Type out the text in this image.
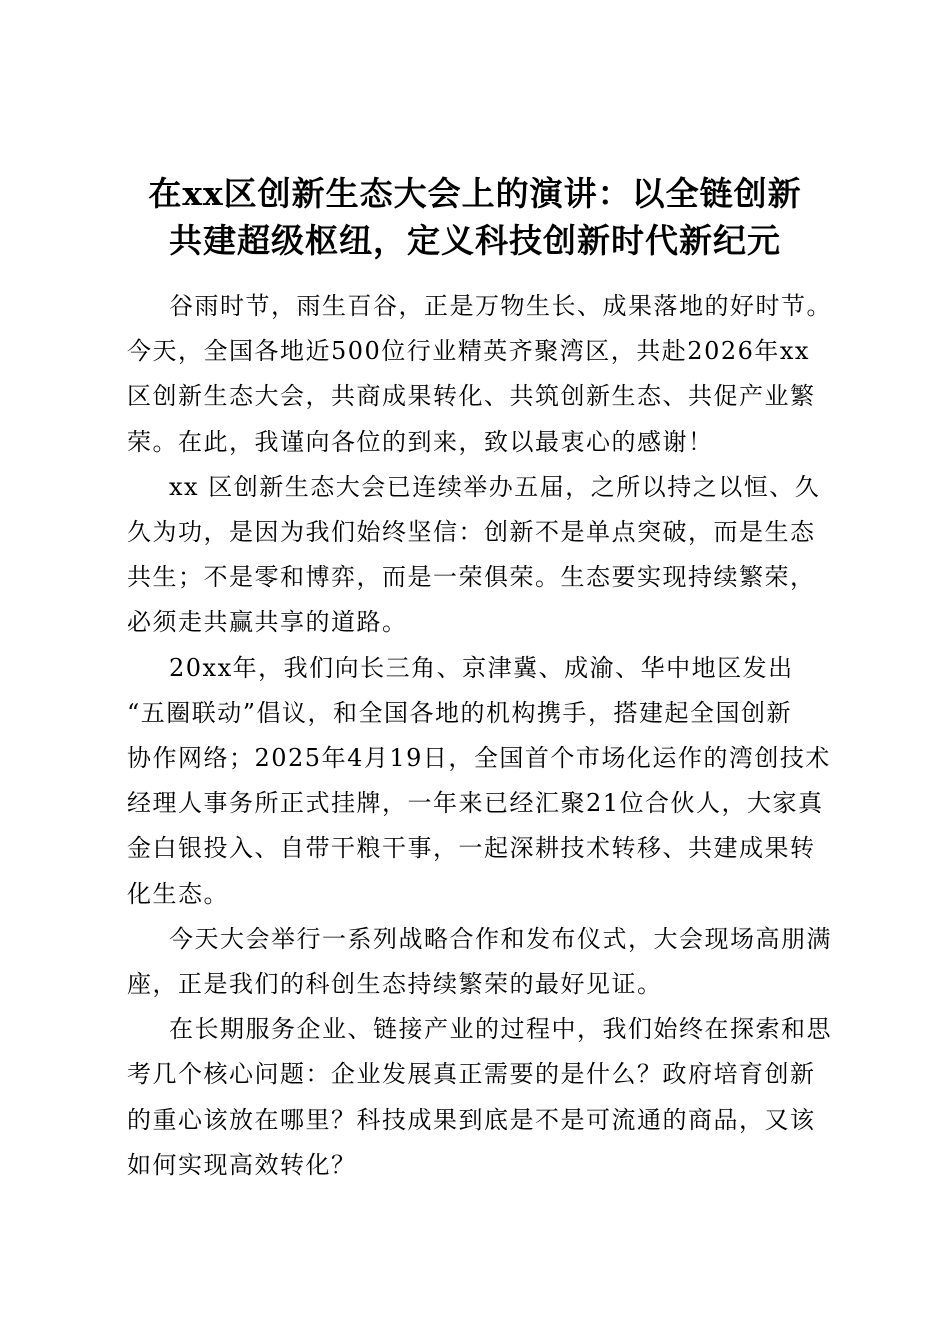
在xx区创新生态大会上的演讲：以全链创新
共建超级枢纽，定义科技创新时代新纪元

谷雨时节，雨生百谷，正是万物生长、成果落地的好时节。
今天，全国各地近500位行业精英齐聚湾区，共赴2026年xx
区创新生态大会，共商成果转化、共筑创新生态、共促产业繁
荣。在此，我谨向各位的到来，致以最衷心的感谢！

xx 区创新生态大会已连续举办五届，之所以持之以恒、久
久为功，是因为我们始终坚信：创新不是单点突破，而是生态
共生；不是零和博弈，而是一荣俱荣。生态要实现持续繁荣，
必须走共赢共享的道路。

20xx年，我们向长三角、京津冀、成渝、华中地区发出
“五圈联动”倡议，和全国各地的机构携手，搭建起全国创新
协作网络；2025年4月19日，全国首个市场化运作的湾创技术
经理人事务所正式挂牌，一年来已经汇聚21位合伙人，大家真
金白银投入、自带干粮干事，一起深耕技术转移、共建成果转
化生态。

今天大会举行一系列战略合作和发布仪式，大会现场高朋满
座，正是我们的科创生态持续繁荣的最好见证。

在长期服务企业、链接产业的过程中，我们始终在探索和思
考几个核心问题：企业发展真正需要的是什么？政府培育创新
的重心该放在哪里？科技成果到底是不是可流通的商品，又该
如何实现高效转化？
